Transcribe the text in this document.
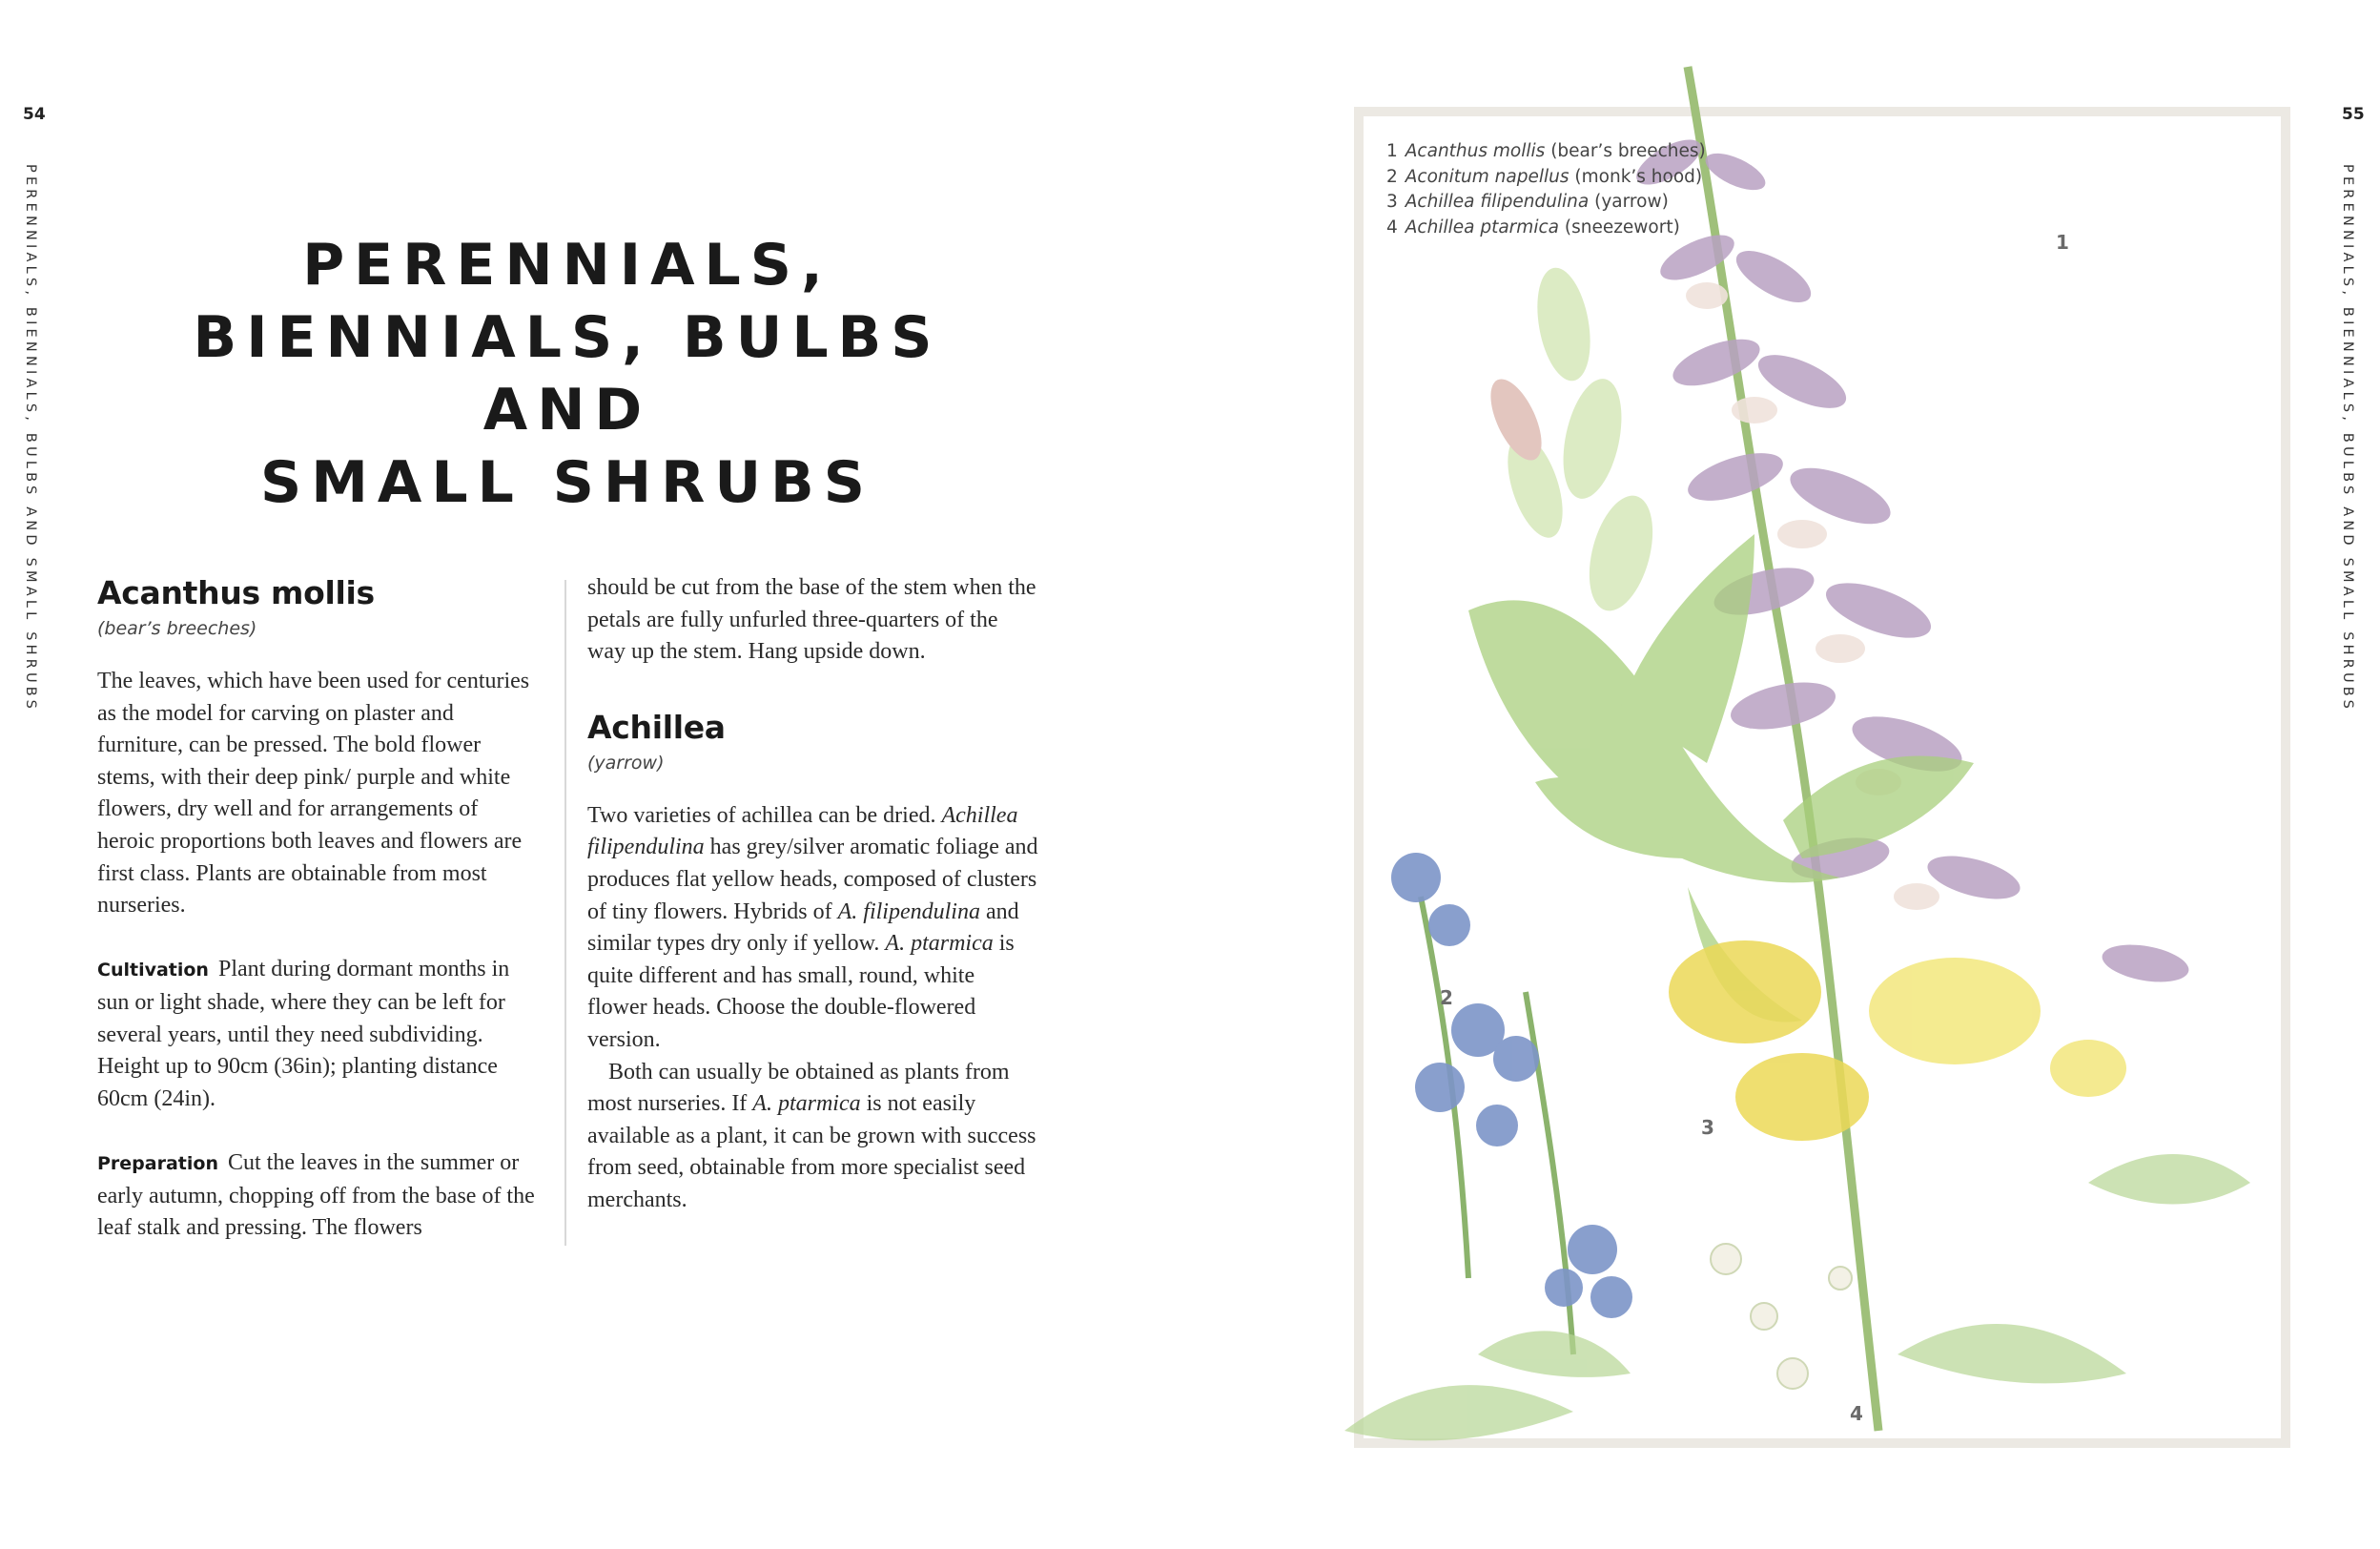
54
PERENNIALS, BIENNIALS, BULBS AND SMALL SHRUBS	PERENNIALS,
BIENNIALS, BULBS AND
SMALL SHRUBS
Acanthus mollis
(bear’s breeches)

The leaves, which have been used for centuries as the model for carving on plaster and furniture, can be pressed. The bold flower stems, with their deep pink/ purple and white flowers, dry well and for arrangements of heroic proportions both leaves and flowers are first class. Plants are obtainable from most nurseries.

Cultivation Plant during dormant months in sun or light shade, where they can be left for several years, until they need subdividing. Height up to 90cm (36in); planting distance 60cm (24in).

Preparation Cut the leaves in the summer or early autumn, chopping off from the base of the leaf stalk and pressing. The flowers

should be cut from the base of the stem when the petals are fully unfurled three-quarters of the way up the stem. Hang upside down.

Achillea
(yarrow)

Two varieties of achillea can be dried. Achillea filipendulina has grey/silver aromatic foliage and produces flat yellow heads, composed of clusters of tiny flowers. Hybrids of A. filipendulina and similar types dry only if yellow. A. ptarmica is quite different and has small, round, white flower heads. Choose the double-flowered version.

Both can usually be obtained as plants from most nurseries. If A. ptarmica is not easily available as a plant, it can be grown with success from seed, obtainable from more specialist seed merchants.

55
PERENNIALS, BIENNIALS, BULBS AND SMALL SHRUBS
1 Acanthus mollis (bear’s breeches)
2 Aconitum napellus (monk’s hood)
3 Achillea filipendulina (yarrow)
4 Achillea ptarmica (sneezewort)
1
2
3
4
